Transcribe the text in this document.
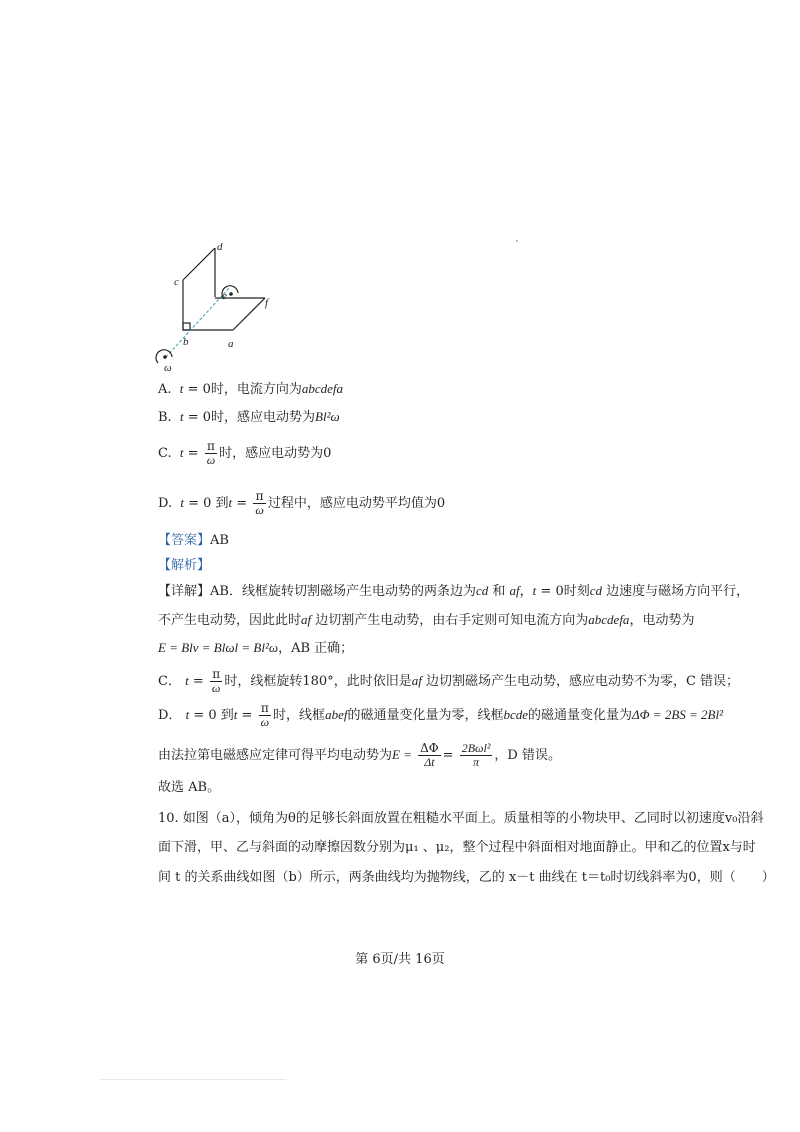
c
d
e
f
b	a
ω
A. t = 0时，电流方向为abcdefa
B. t = 0时，感应电动势为Bl²ω
C. $t = \frac{\pi}{\omega}$ 时，感应电动势为0
D. t = 0 到$t = \frac{\pi}{\omega}$ 过程中，感应电动势平均值为0
【答案】AB
【解析】
【详解】AB．线框旋转切割磁场产生电动势的两条边为cd 和 af，t = 0时刻cd 边速度与磁场方向平行，
不产生电动势，因此此时af 边切割产生电动势，由右手定则可知电流方向为abcdefa，电动势为
E = Blv = Blωl = Bl²ω，AB 正确；
C． $t = \frac{\pi}{\omega}$ 时，线框旋转180°，此时依旧是af 边切割磁场产生电动势，感应电动势不为零，C 错误；
D． t = 0 到$t = \frac{\pi}{\omega}$ 时，线框abef的磁通量变化量为零，线框bcde的磁通量变化量为ΔΦ = 2BS = 2Bl²
由法拉第电磁感应定律可得平均电动势为$E = \frac{\Delta\Phi}{\Delta t} = \frac{\text{2Bωl²}}{\pi}$ ，D 错误。
故选 AB。
10. 如图（a），倾角为θ的足够长斜面放置在粗糙水平面上。质量相等的小物块甲、乙同时以初速度v₀沿斜
面下滑，甲、乙与斜面的动摩擦因数分别为μ₁ 、μ₂，整个过程中斜面相对地面静止。甲和乙的位置x与时
间 t 的关系曲线如图（b）所示，两条曲线均为抛物线，乙的 x－t 曲线在 t＝t₀时切线斜率为0，则（　　）
第 6页/共 16页
